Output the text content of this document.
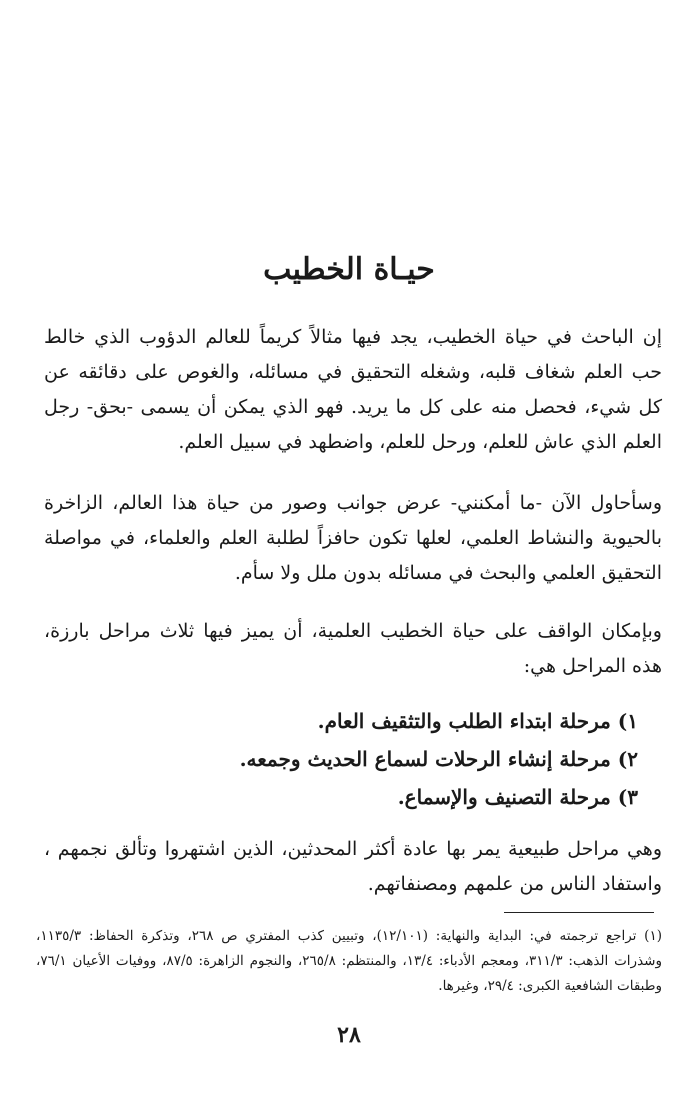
حيـاة الخطيب

إن الباحث في حياة الخطيب، يجد فيها مثالاً كريماً للعالم الدؤوب الذي خالط حب العلم شغاف قلبه، وشغله التحقيق في مسائله، والغوص على دقائقه عن كل شيء، فحصل منه على كل ما يريد. فهو الذي يمكن أن يسمى -بحق- رجل العلم الذي عاش للعلم، ورحل للعلم، واضطهد في سبيل العلم.

وسأحاول الآن -ما أمكنني- عرض جوانب وصور من حياة هذا العالم، الزاخرة بالحيوية والنشاط العلمي، لعلها تكون حافزاً لطلبة العلم والعلماء، في مواصلة التحقيق العلمي والبحث في مسائله بدون ملل ولا سأم.

وبإمكان الواقف على حياة الخطيب العلمية، أن يميز فيها ثلاث مراحل بارزة، هذه المراحل هي:

١) مرحلة ابتداء الطلب والتثقيف العام.
٢) مرحلة إنشاء الرحلات لسماع الحديث وجمعه.
٣) مرحلة التصنيف والإسماع.

وهي مراحل طبيعية يمر بها عادة أكثر المحدثين، الذين اشتهروا وتألق نجمهم ، واستفاد الناس من علمهم ومصنفاتهم.

(١) تراجع ترجمته في: البداية والنهاية: (١٢/١٠١)، وتبيين كذب المفتري ص ٢٦٨، وتذكرة الحفاظ: ١١٣٥/٣، وشذرات الذهب: ٣١١/٣، ومعجم الأدباء: ١٣/٤، والمنتظم: ٢٦٥/٨، والنجوم الزاهرة: ٨٧/٥، ووفيات الأعيان ٧٦/١، وطبقات الشافعية الكبرى: ٢٩/٤، وغيرها.

٢٨
